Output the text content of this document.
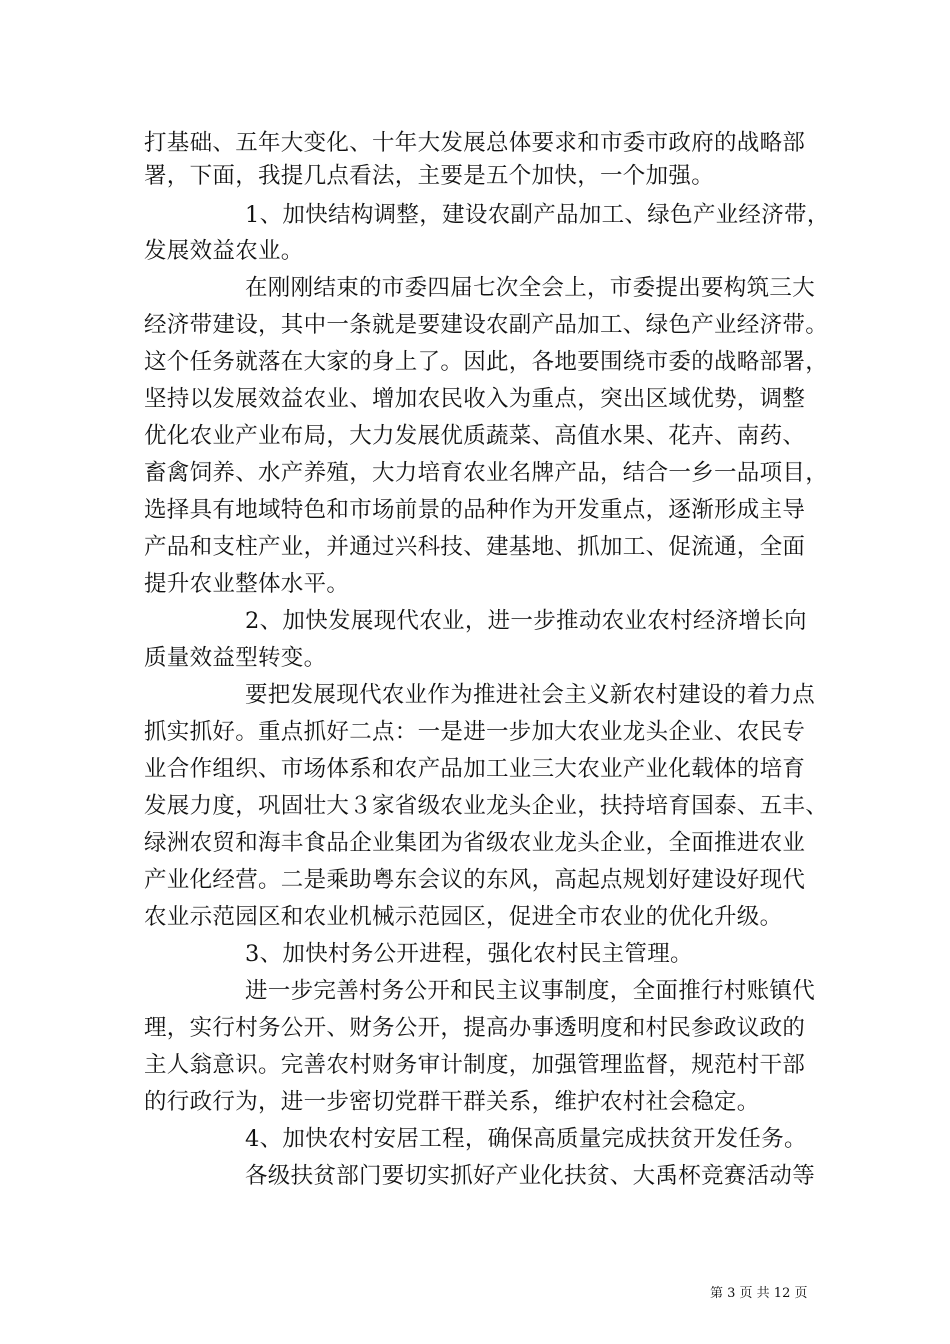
打基础、五年大变化、十年大发展总体要求和市委市政府的战略部
署，下面，我提几点看法，主要是五个加快，一个加强。
1、加快结构调整，建设农副产品加工、绿色产业经济带，
发展效益农业。
在刚刚结束的市委四届七次全会上，市委提出要构筑三大
经济带建设，其中一条就是要建设农副产品加工、绿色产业经济带。
这个任务就落在大家的身上了。因此，各地要围绕市委的战略部署，
坚持以发展效益农业、增加农民收入为重点，突出区域优势，调整
优化农业产业布局，大力发展优质蔬菜、高值水果、花卉、南药、
畜禽饲养、水产养殖，大力培育农业名牌产品，结合一乡一品项目，
选择具有地域特色和市场前景的品种作为开发重点，逐渐形成主导
产品和支柱产业，并通过兴科技、建基地、抓加工、促流通，全面
提升农业整体水平。
2、加快发展现代农业，进一步推动农业农村经济增长向
质量效益型转变。
要把发展现代农业作为推进社会主义新农村建设的着力点
抓实抓好。重点抓好二点：一是进一步加大农业龙头企业、农民专
业合作组织、市场体系和农产品加工业三大农业产业化载体的培育
发展力度，巩固壮大３家省级农业龙头企业，扶持培育国泰、五丰、
绿洲农贸和海丰食品企业集团为省级农业龙头企业，全面推进农业
产业化经营。二是乘助粤东会议的东风，高起点规划好建设好现代
农业示范园区和农业机械示范园区，促进全市农业的优化升级。
3、加快村务公开进程，强化农村民主管理。
进一步完善村务公开和民主议事制度，全面推行村账镇代
理，实行村务公开、财务公开，提高办事透明度和村民参政议政的
主人翁意识。完善农村财务审计制度，加强管理监督，规范村干部
的行政行为，进一步密切党群干群关系，维护农村社会稳定。
4、加快农村安居工程，确保高质量完成扶贫开发任务。
各级扶贫部门要切实抓好产业化扶贫、大禹杯竞赛活动等
第 3 页 共 12 页
